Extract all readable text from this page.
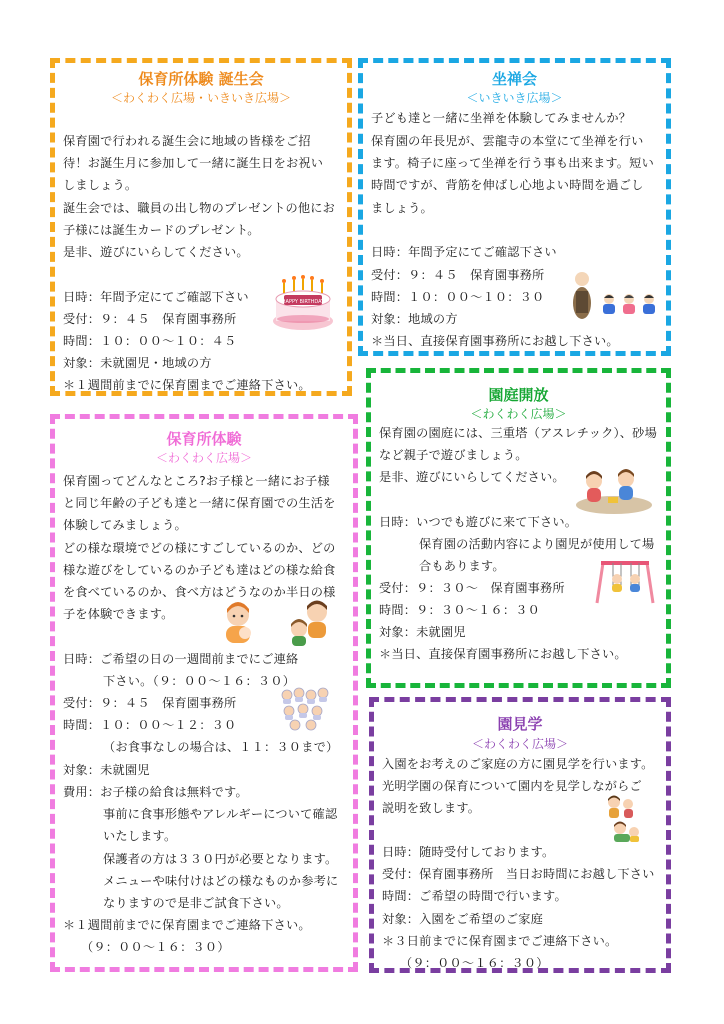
保育所体験 誕生会
＜わくわく広場・いきいき広場＞
保育園で行われる誕生会に地域の皆様をご招
待！お誕生月に参加して一緒に誕生日をお祝い
しましょう。
誕生会では、職員の出し物のプレゼントの他にお
子様には誕生カードのプレゼント。
是非、遊びにいらしてください。
日時：年間予定にてご確認下さい
受付：９：４５　保育園事務所
時間：１０：００～１０：４５
対象：未就園児・地域の方
＊１週間前までに保育園までご連絡下さい。
HAPPY BIRTHDAY
坐禅会
＜いきいき広場＞
子ども達と一緒に坐禅を体験してみませんか？
保育園の年長児が、雲龍寺の本堂にて坐禅を行い
ます。椅子に座って坐禅を行う事も出来ます。短い
時間ですが、背筋を伸ばし心地よい時間を過ごし
ましょう。
日時：年間予定にてご確認下さい
受付：９：４５　保育園事務所
時間：１０：００～１０：３０
対象：地域の方
＊当日、直接保育園事務所にお越し下さい。
保育所体験
＜わくわく広場＞
保育園ってどんなところ?お子様と一緒にお子様
と同じ年齢の子ども達と一緒に保育園での生活を
体験してみましょう。
どの様な環境でどの様にすごしているのか、どの
様な遊びをしているのか子ども達はどの様な給食
を食べているのか、食べ方はどうなのか半日の様
子を体験できます。
日時：ご希望の日の一週間前までにご連絡
下さい。（９：００～１６：３０）
受付：９：４５　保育園事務所
時間：１０：００～１２：３０
（お食事なしの場合は、１１：３０まで）
対象：未就園児
費用：お子様の給食は無料です。
事前に食事形態やアレルギーについて確認
いたします。
保護者の方は３３０円が必要となります。
メニューや味付けはどの様なものか参考に
なりますので是非ご試食下さい。
＊１週間前までに保育園までご連絡下さい。
（９：００～１６：３０）
園庭開放
＜わくわく広場＞
保育園の園庭には、三重塔（アスレチック）、砂場
など親子で遊びましょう。
是非、遊びにいらしてください。
日時：いつでも遊びに来て下さい。
保育園の活動内容により園児が使用して場
合もあります。
受付：９：３０～　保育園事務所
時間：９：３０～１６：３０
対象：未就園児
＊当日、直接保育園事務所にお越し下さい。
園見学
＜わくわく広場＞
入園をお考えのご家庭の方に園見学を行います。
光明学園の保育について園内を見学しながらご
説明を致します。
日時：随時受付しております。
受付：保育園事務所　当日お時間にお越し下さい
時間：ご希望の時間で行います。
対象：入園をご希望のご家庭
＊３日前までに保育園までご連絡下さい。
（９：００～１６：３０）
